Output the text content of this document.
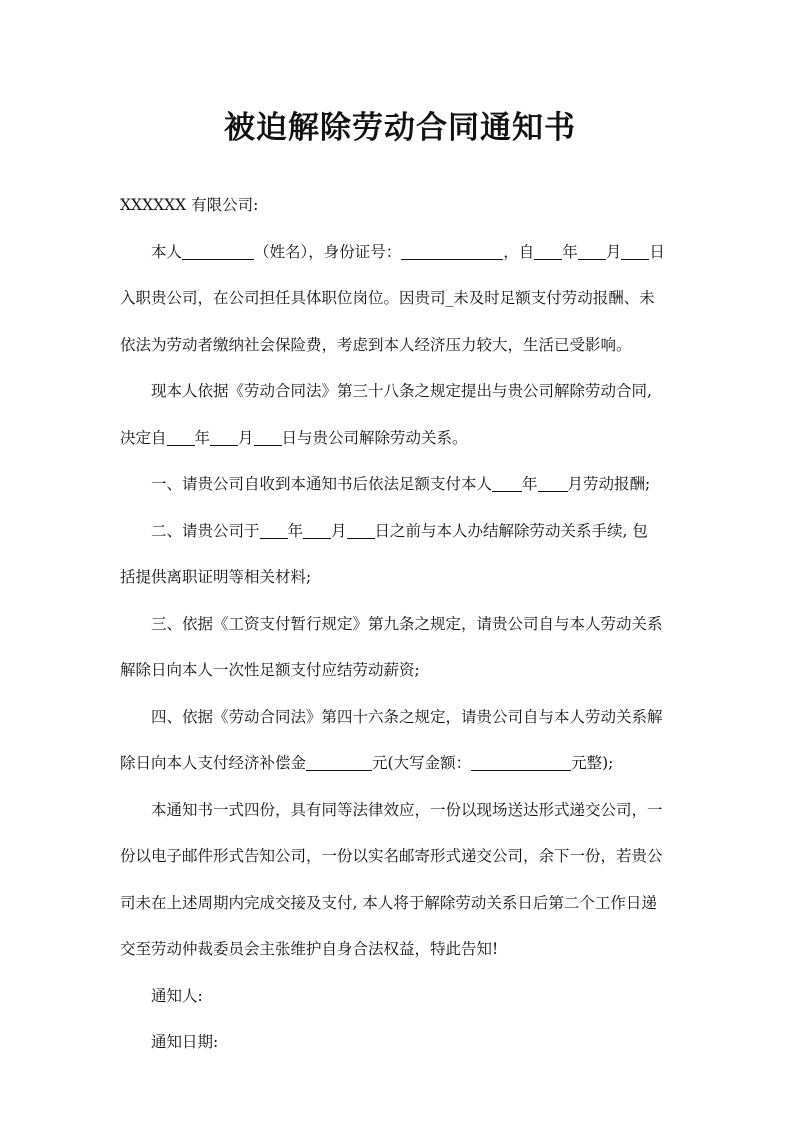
被迫解除劳动合同通知书

XXXXXX 有限公司:

本人	（姓名），身份证号：	，自 年 月 日

入职贵公司，在公司担任具体职位岗位。因贵司_未及时足额支付劳动报酬、未

依法为劳动者缴纳社会保险费，考虑到本人经济压力较大，生活已受影响。

现本人依据《劳动合同法》第三十八条之规定提出与贵公司解除劳动合同,

决定自 年 月 日与贵公司解除劳动关系。

一、请贵公司自收到本通知书后依法足额支付本人 年 月劳动报酬;

二、请贵公司于 年 月 日之前与本人办结解除劳动关系手续, 包

括提供离职证明等相关材料;

三、依据《工资支付暂行规定》第九条之规定，请贵公司自与本人劳动关系

解除日向本人一次性足额支付应结劳动薪资;

四、依据《劳动合同法》第四十六条之规定，请贵公司自与本人劳动关系解

除日向本人支付经济补偿金	元(大写金额：	元整);

本通知书一式四份，具有同等法律效应，一份以现场送达形式递交公司，一

份以电子邮件形式告知公司，一份以实名邮寄形式递交公司，余下一份，若贵公

司未在上述周期内完成交接及支付, 本人将于解除劳动关系日后第二个工作日递

交至劳动仲裁委员会主张维护自身合法权益，特此告知!

通知人:

通知日期:
